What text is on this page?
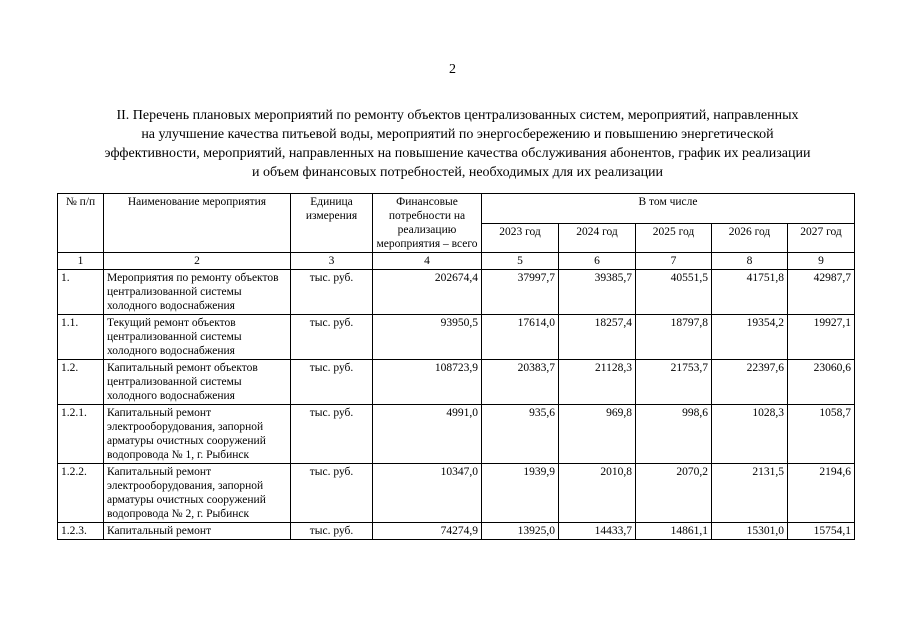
2
II. Перечень плановых мероприятий по ремонту объектов централизованных систем, мероприятий, направленных
на улучшение качества питьевой воды, мероприятий по энергосбережению и повышению энергетической
эффективности, мероприятий, направленных на повышение качества обслуживания абонентов, график их реализации
и объем финансовых потребностей, необходимых для их реализации
№ п/п	Наименование мероприятия	Единица измерения	Финансовые потребности на реализацию мероприятия – всего	В том числе				
				2023 год	2024 год	2025 год	2026 год	2027 год
1	2	3	4	5	6	7	8	9
1.	Мероприятия по ремонту объектов централизованной системы холодного водоснабжения	тыс. руб.	202674,4	37997,7	39385,7	40551,5	41751,8	42987,7
1.1.	Текущий ремонт объектов централизованной системы холодного водоснабжения	тыс. руб.	93950,5	17614,0	18257,4	18797,8	19354,2	19927,1
1.2.	Капитальный ремонт объектов централизованной системы холодного водоснабжения	тыс. руб.	108723,9	20383,7	21128,3	21753,7	22397,6	23060,6
1.2.1.	Капитальный ремонт электрооборудования, запорной арматуры очистных сооружений водопровода № 1, г. Рыбинск	тыс. руб.	4991,0	935,6	969,8	998,6	1028,3	1058,7
1.2.2.	Капитальный ремонт электрооборудования, запорной арматуры очистных сооружений водопровода № 2, г. Рыбинск	тыс. руб.	10347,0	1939,9	2010,8	2070,2	2131,5	2194,6
1.2.3.	Капитальный ремонт	тыс. руб.	74274,9	13925,0	14433,7	14861,1	15301,0	15754,1
